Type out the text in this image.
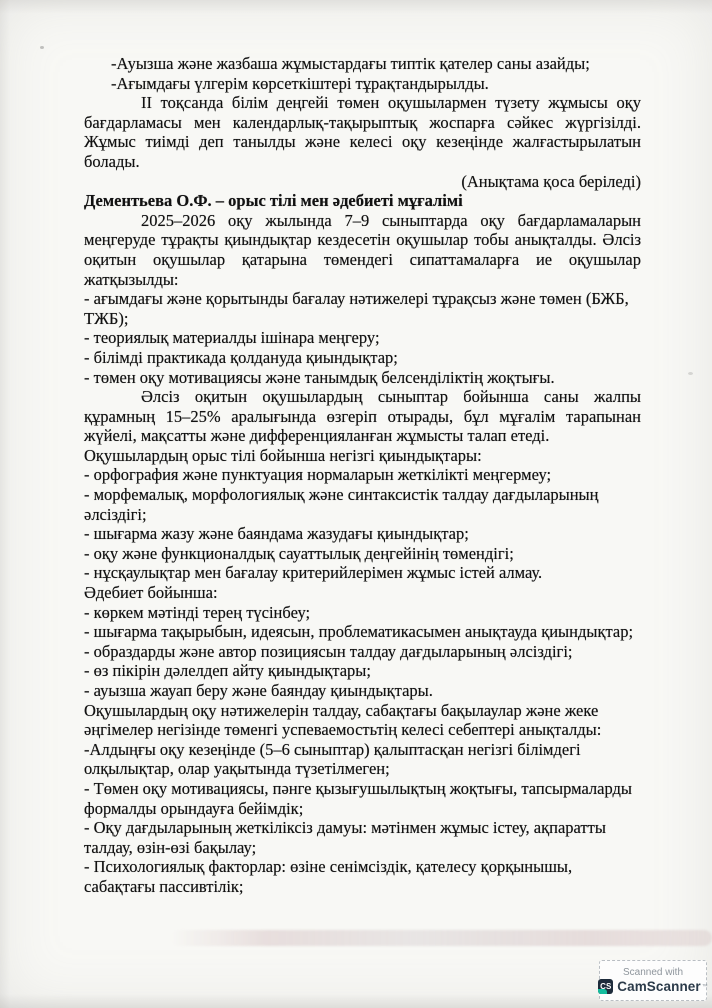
-Ауызша және жазбаша жұмыстардағы типтік қателер саны азайды;

-Ағымдағы үлгерім көрсеткіштері тұрақтандырылды.

ІІ тоқсанда білім деңгейі төмен оқушылармен түзету жұмысы оқу бағдарламасы мен календарлық-тақырыптық жоспарға сәйкес жүргізілді. Жұмыс тиімді деп танылды және келесі оқу кезеңінде жалғастырылатын болады.

(Анықтама қоса беріледі)

Дементьева О.Ф. – орыс тілі мен әдебиеті мұғалімі

2025–2026 оқу жылында 7–9 сыныптарда оқу бағдарламаларын меңгеруде тұрақты қиындықтар кездесетін оқушылар тобы анықталды. Әлсіз оқитын оқушылар қатарына төмендегі сипаттамаларға ие оқушылар жатқызылды:

- ағымдағы және қорытынды бағалау нәтижелері тұрақсыз және төмен (БЖБ, ТЖБ);

- теориялық материалды ішінара меңгеру;

- білімді практикада қолдануда қиындықтар;

- төмен оқу мотивациясы және танымдық белсенділіктің жоқтығы.

Әлсіз оқитын оқушылардың сыныптар бойынша саны жалпы құрамның 15–25% аралығында өзгеріп отырады, бұл мұғалім тарапынан жүйелі, мақсатты және дифференцияланған жұмысты талап етеді.

Оқушылардың орыс тілі бойынша негізгі қиындықтары:

- орфография және пунктуация нормаларын жеткілікті меңгермеу;

- морфемалық, морфологиялық және синтаксистік талдау дағдыларының әлсіздігі;

- шығарма жазу және баяндама жазудағы қиындықтар;

- оқу және функционалдық сауаттылық деңгейінің төмендігі;

- нұсқаулықтар мен бағалау критерийлерімен жұмыс істей алмау.

Әдебиет бойынша:

- көркем мәтінді терең түсінбеу;

- шығарма тақырыбын, идеясын, проблематикасымен анықтауда қиындықтар;

- образдарды және автор позициясын талдау дағдыларының әлсіздігі;

- өз пікірін дәлелдеп айту қиындықтары;

- ауызша жауап беру және баяндау қиындықтары.

Оқушылардың оқу нәтижелерін талдау, сабақтағы бақылаулар және жеке әңгімелер негізінде төменгі успеваемостьтің келесі себептері анықталды:

-Алдыңғы оқу кезеңінде (5–6 сыныптар) қалыптасқан негізгі білімдегі олқылықтар, олар уақытында түзетілмеген;

- Төмен оқу мотивациясы, пәнге қызығушылықтың жоқтығы, тапсырмаларды формалды орындауға бейімдік;

- Оқу дағдыларының жеткіліксіз дамуы: мәтінмен жұмыс істеу, ақпаратты талдау, өзін-өзі бақылау;

- Психологиялық факторлар: өзіне сенімсіздік, қателесу қорқынышы, сабақтағы пассивтілік;

Scanned with
CS CamScanner ™
